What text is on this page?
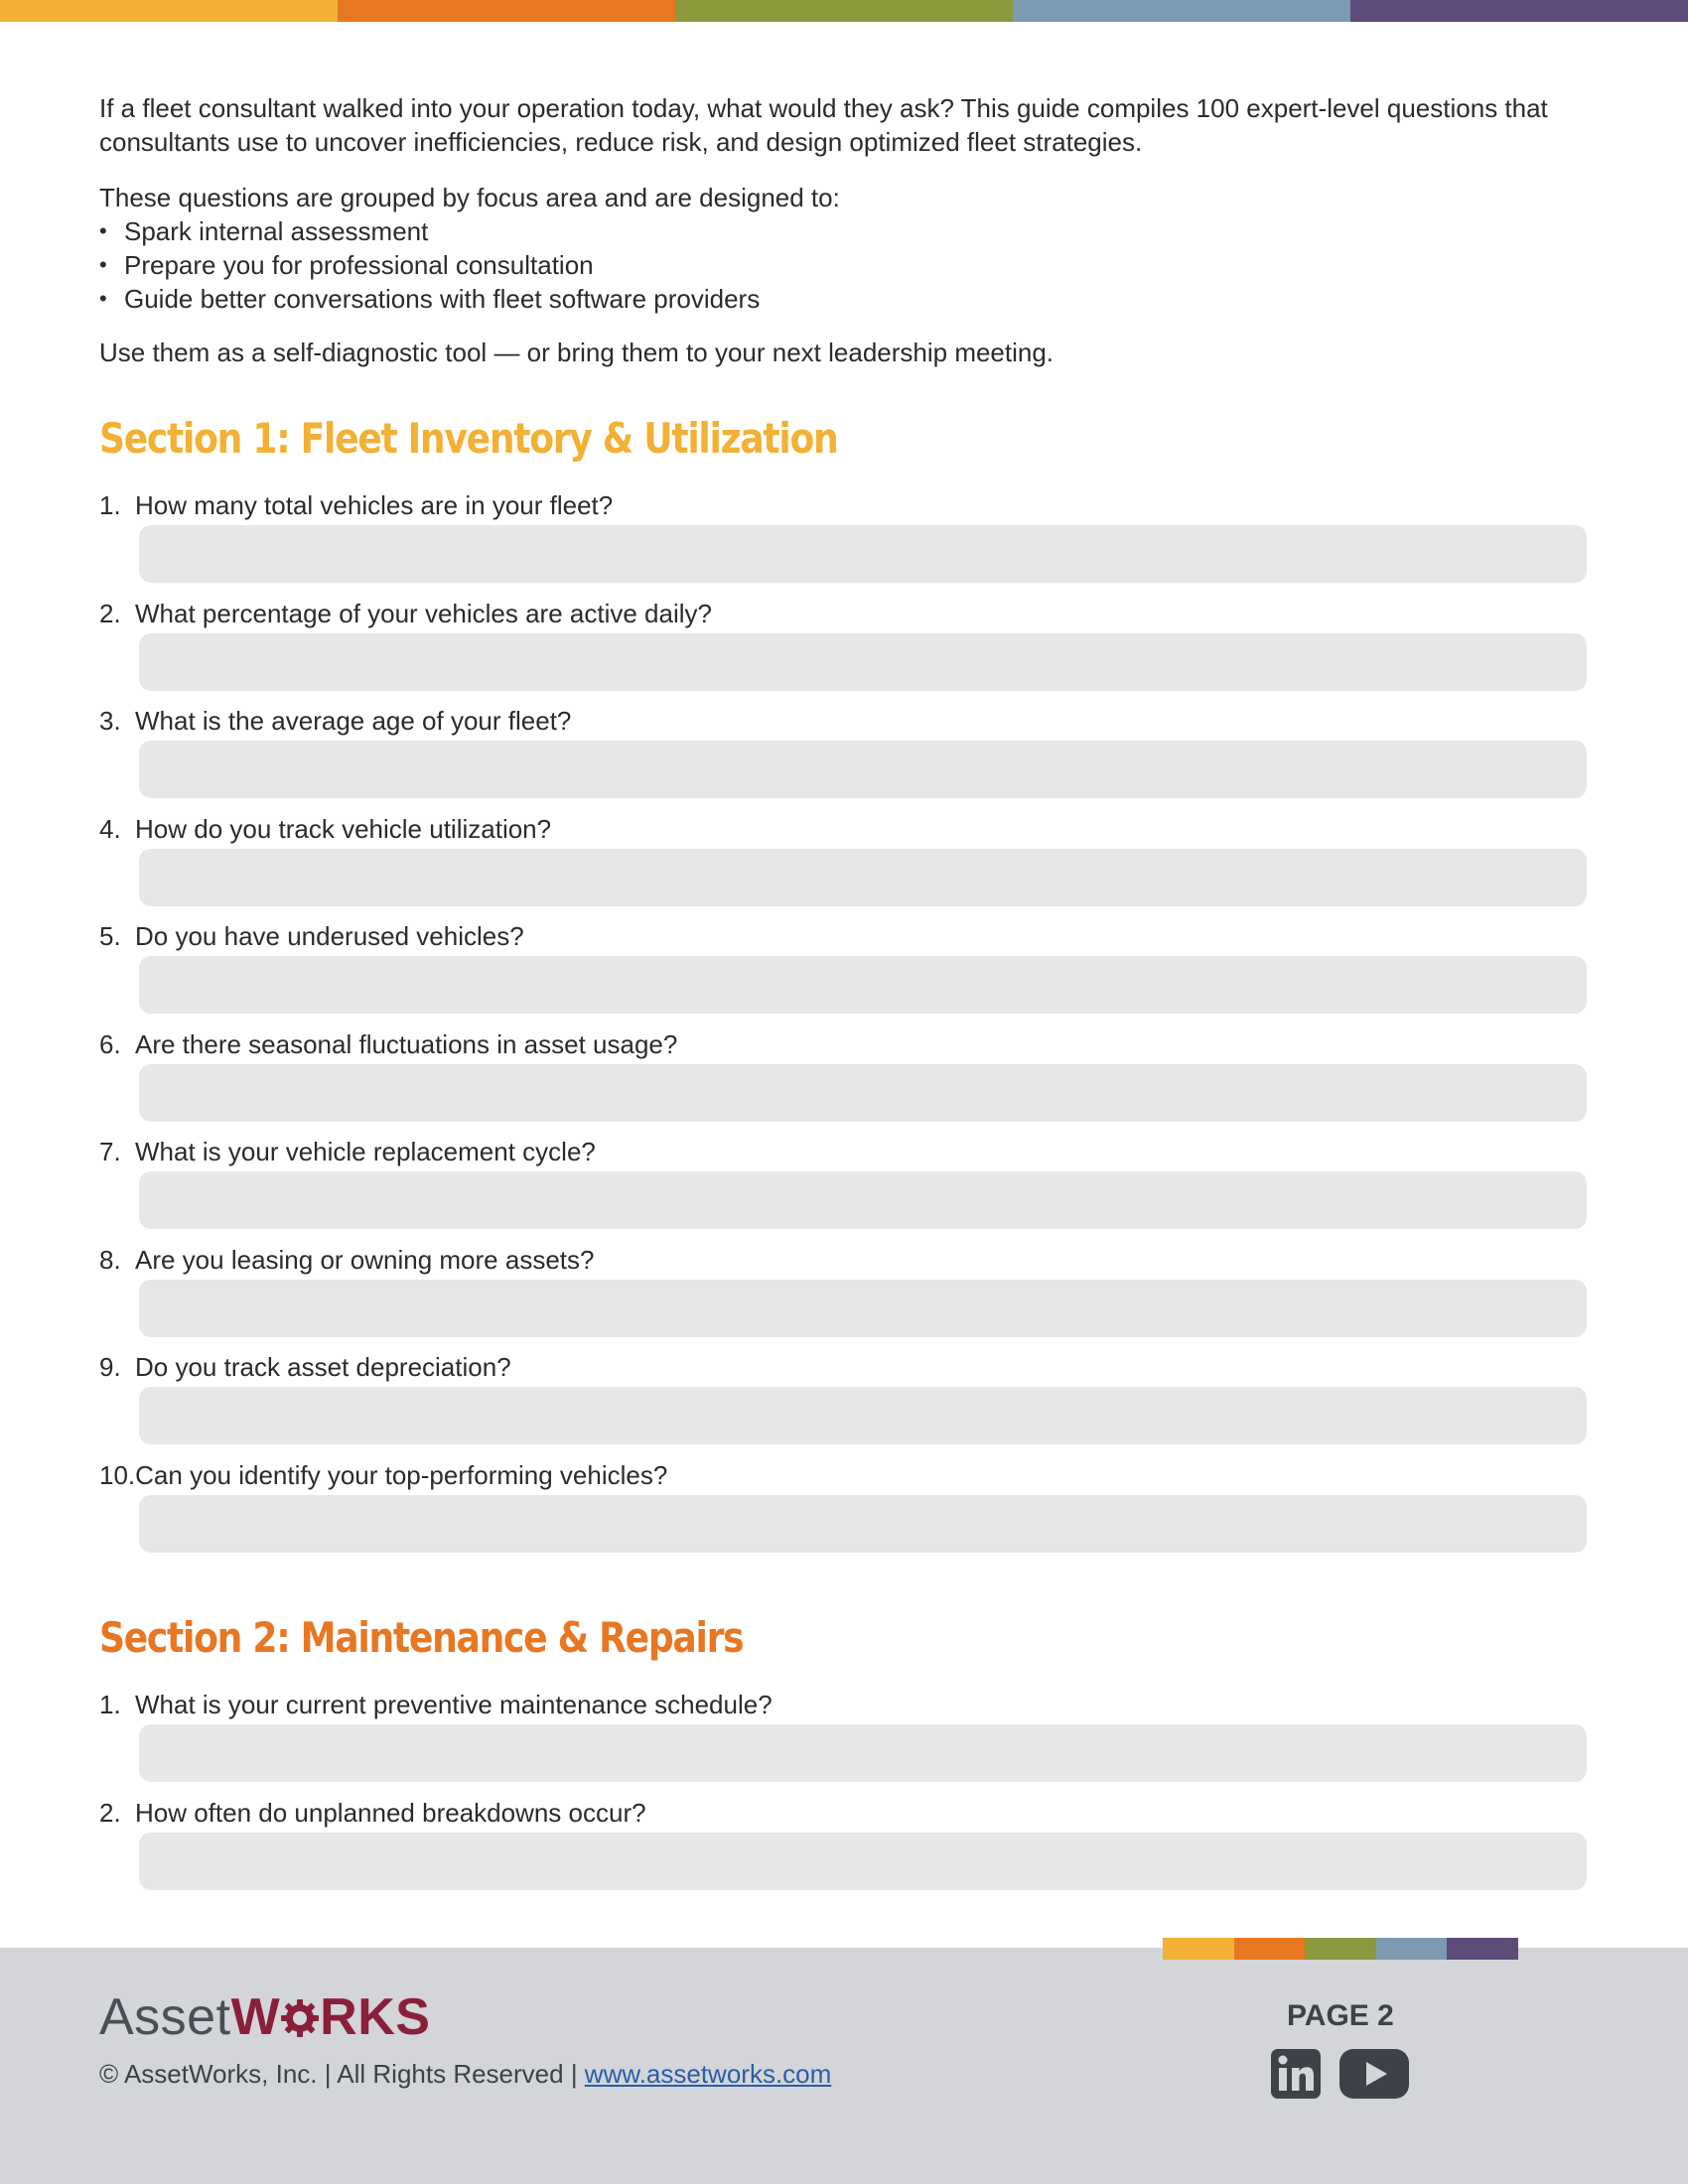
If a fleet consultant walked into your operation today, what would they ask? This guide compiles 100 expert-level questions that consultants use to uncover inefficiencies, reduce risk, and design optimized fleet strategies.

These questions are grouped by focus area and are designed to:

• Spark internal assessment
• Prepare you for professional consultation
• Guide better conversations with fleet software providers

Use them as a self-diagnostic tool — or bring them to your next leadership meeting.

Section 1: Fleet Inventory & Utilization
1. How many total vehicles are in your fleet?
2. What percentage of your vehicles are active daily?
3. What is the average age of your fleet?
4. How do you track vehicle utilization?
5. Do you have underused vehicles?
6. Are there seasonal fluctuations in asset usage?
7. What is your vehicle replacement cycle?
8. Are you leasing or owning more assets?
9. Do you track asset depreciation?
10. Can you identify your top-performing vehicles?
Section 2: Maintenance & Repairs
1. What is your current preventive maintenance schedule?
2. How often do unplanned breakdowns occur?
AssetW RKS
© AssetWorks, Inc. | All Rights Reserved | www.assetworks.com
PAGE 2
